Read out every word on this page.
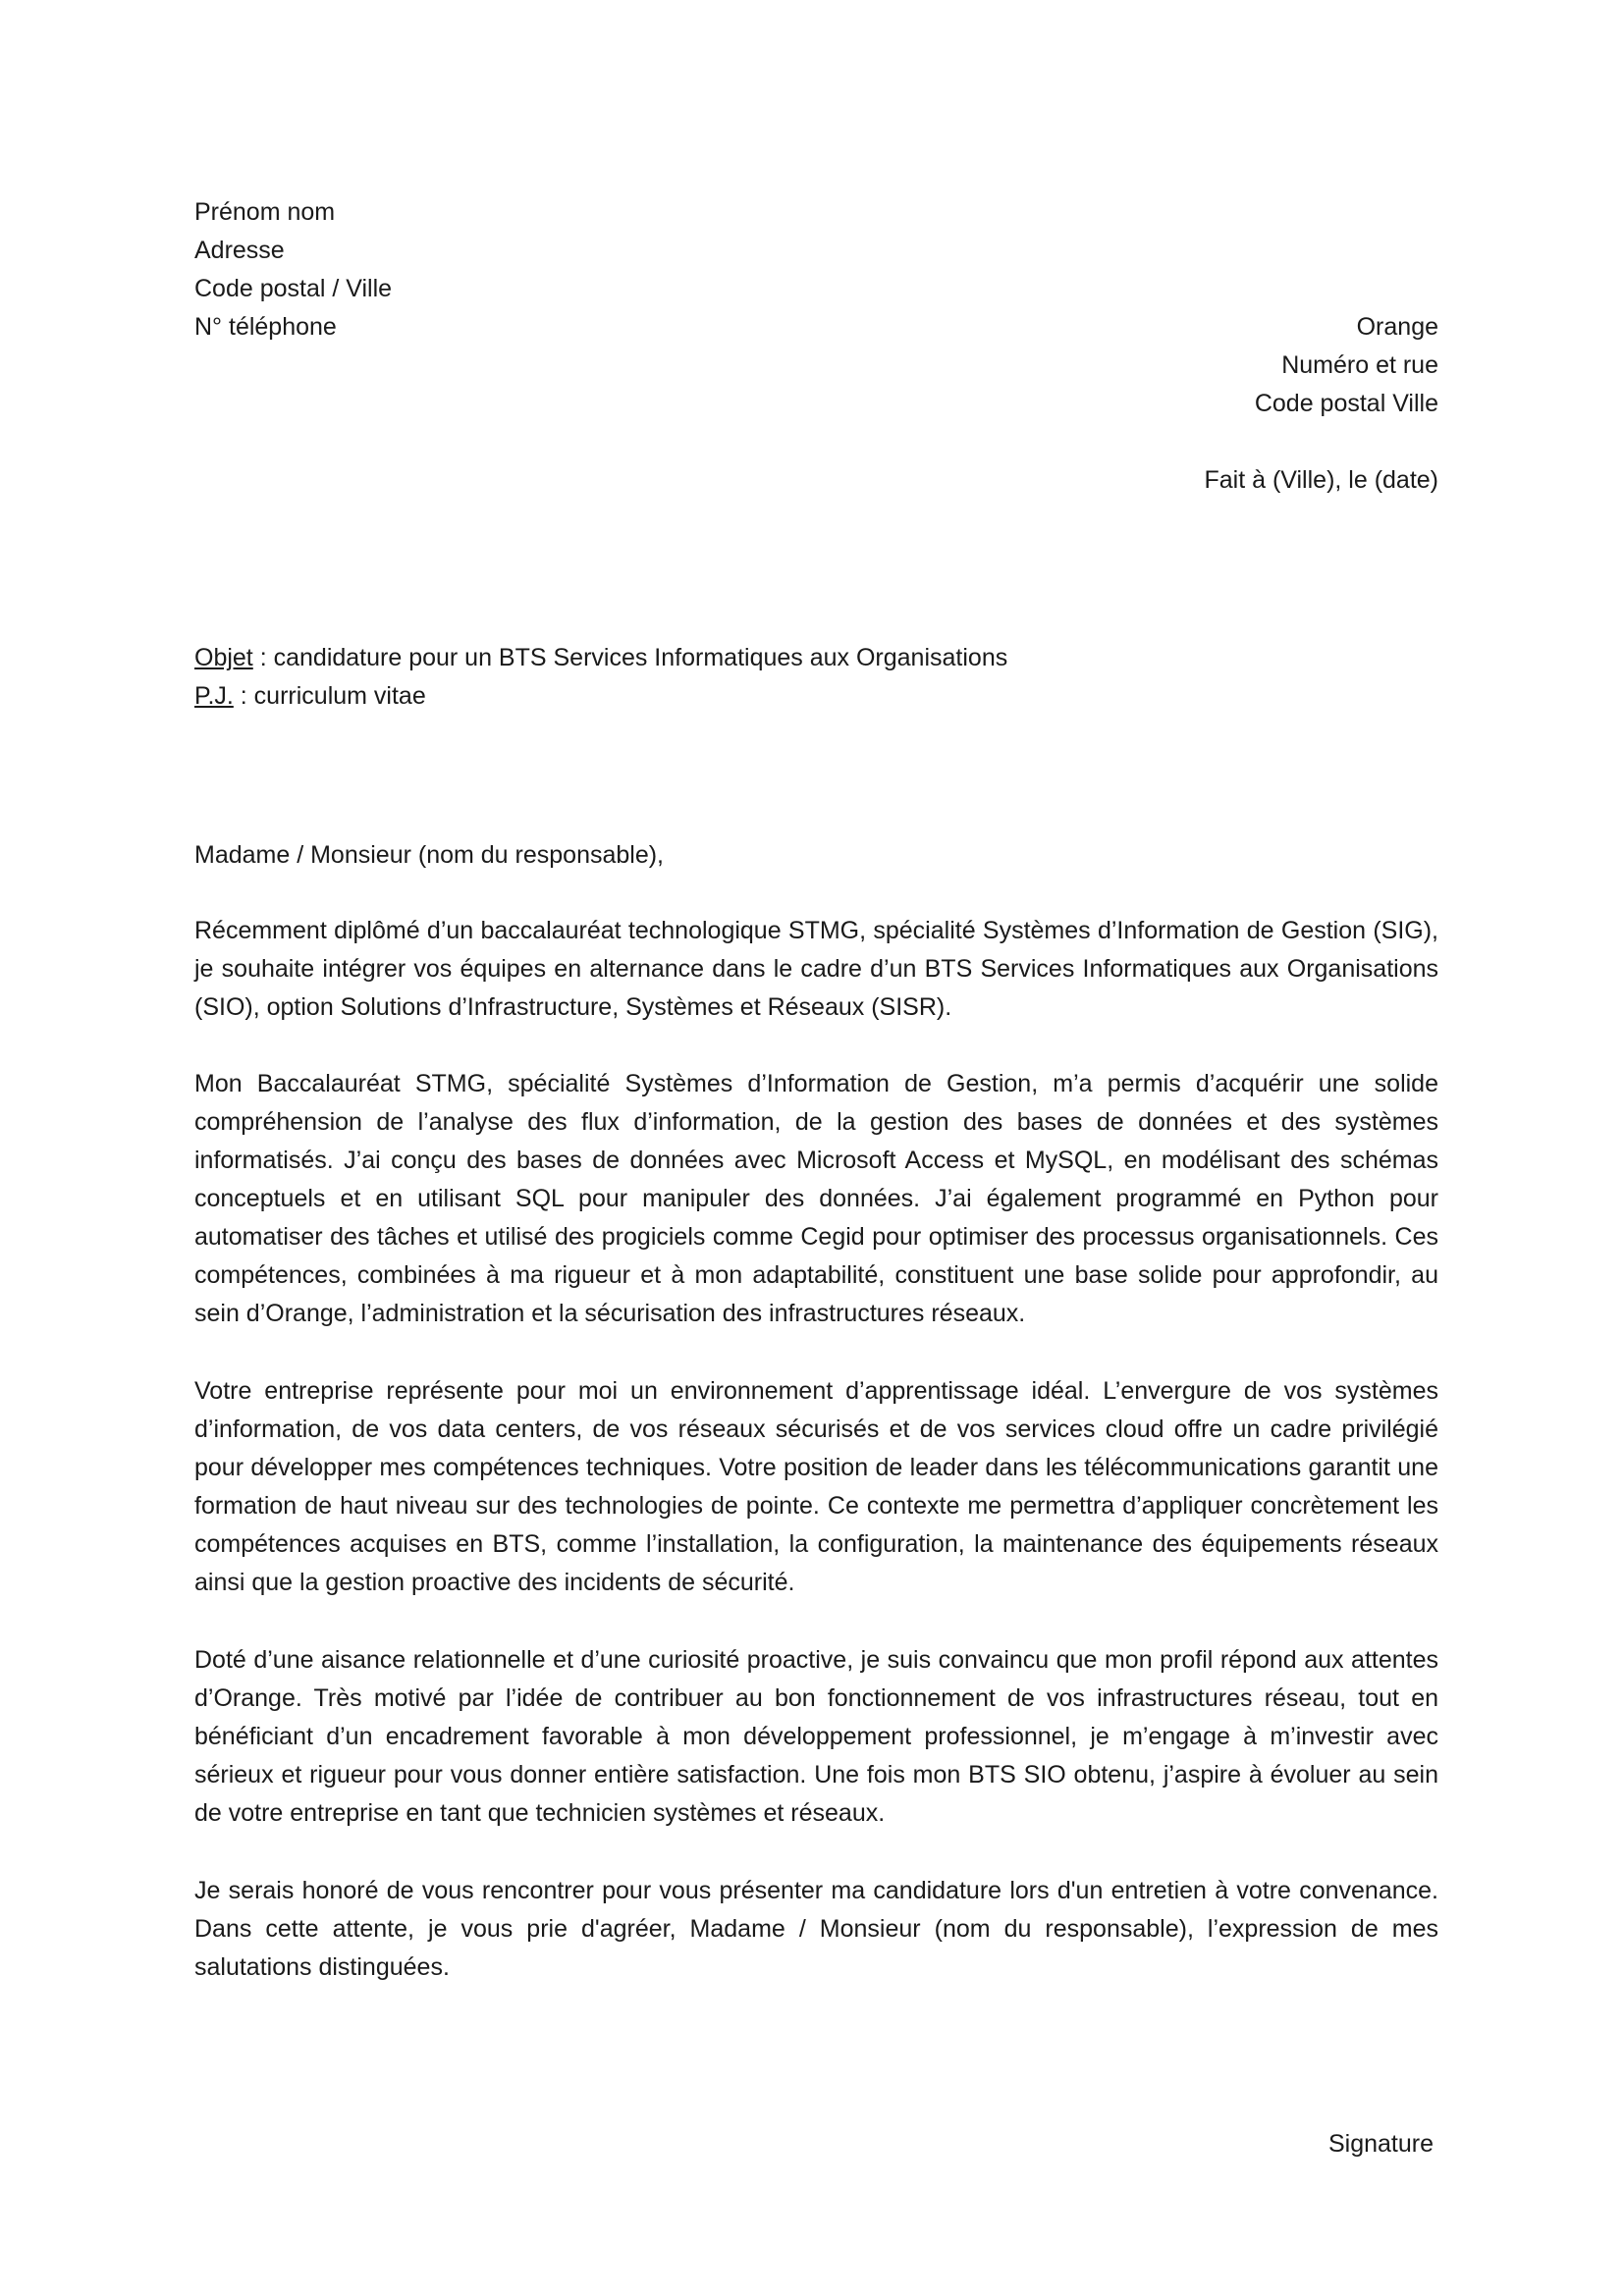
Prénom nom
Adresse
Code postal / Ville
N° téléphone	Orange
Numéro et rue
Code postal Ville
Fait à (Ville), le (date)
Objet : candidature pour un BTS Services Informatiques aux Organisations
P.J. : curriculum vitae
Madame / Monsieur (nom du responsable),

Récemment diplômé d’un baccalauréat technologique STMG, spécialité Systèmes d’Information de Gestion (SIG), je souhaite intégrer vos équipes en alternance dans le cadre d’un BTS Services Informatiques aux Organisations (SIO), option Solutions d’Infrastructure, Systèmes et Réseaux (SISR).

Mon Baccalauréat STMG, spécialité Systèmes d’Information de Gestion, m’a permis d’acquérir une solide compréhension de l’analyse des flux d’information, de la gestion des bases de données et des systèmes informatisés. J’ai conçu des bases de données avec Microsoft Access et MySQL, en modélisant des schémas conceptuels et en utilisant SQL pour manipuler des données. J’ai également programmé en Python pour automatiser des tâches et utilisé des progiciels comme Cegid pour optimiser des processus organisationnels. Ces compétences, combinées à ma rigueur et à mon adaptabilité, constituent une base solide pour approfondir, au sein d’Orange, l’administration et la sécurisation des infrastructures réseaux.

Votre entreprise représente pour moi un environnement d’apprentissage idéal. L’envergure de vos systèmes d’information, de vos data centers, de vos réseaux sécurisés et de vos services cloud offre un cadre privilégié pour développer mes compétences techniques. Votre position de leader dans les télécommunications garantit une formation de haut niveau sur des technologies de pointe. Ce contexte me permettra d’appliquer concrètement les compétences acquises en BTS, comme l’installation, la configuration, la maintenance des équipements réseaux ainsi que la gestion proactive des incidents de sécurité.

Doté d’une aisance relationnelle et d’une curiosité proactive, je suis convaincu que mon profil répond aux attentes d’Orange. Très motivé par l’idée de contribuer au bon fonctionnement de vos infrastructures réseau, tout en bénéficiant d’un encadrement favorable à mon développement professionnel, je m’engage à m’investir avec sérieux et rigueur pour vous donner entière satisfaction. Une fois mon BTS SIO obtenu, j’aspire à évoluer au sein de votre entreprise en tant que technicien systèmes et réseaux.

Je serais honoré de vous rencontrer pour vous présenter ma candidature lors d'un entretien à votre convenance. Dans cette attente, je vous prie d'agréer, Madame / Monsieur (nom du responsable), l’expression de mes salutations distinguées.

Signature
